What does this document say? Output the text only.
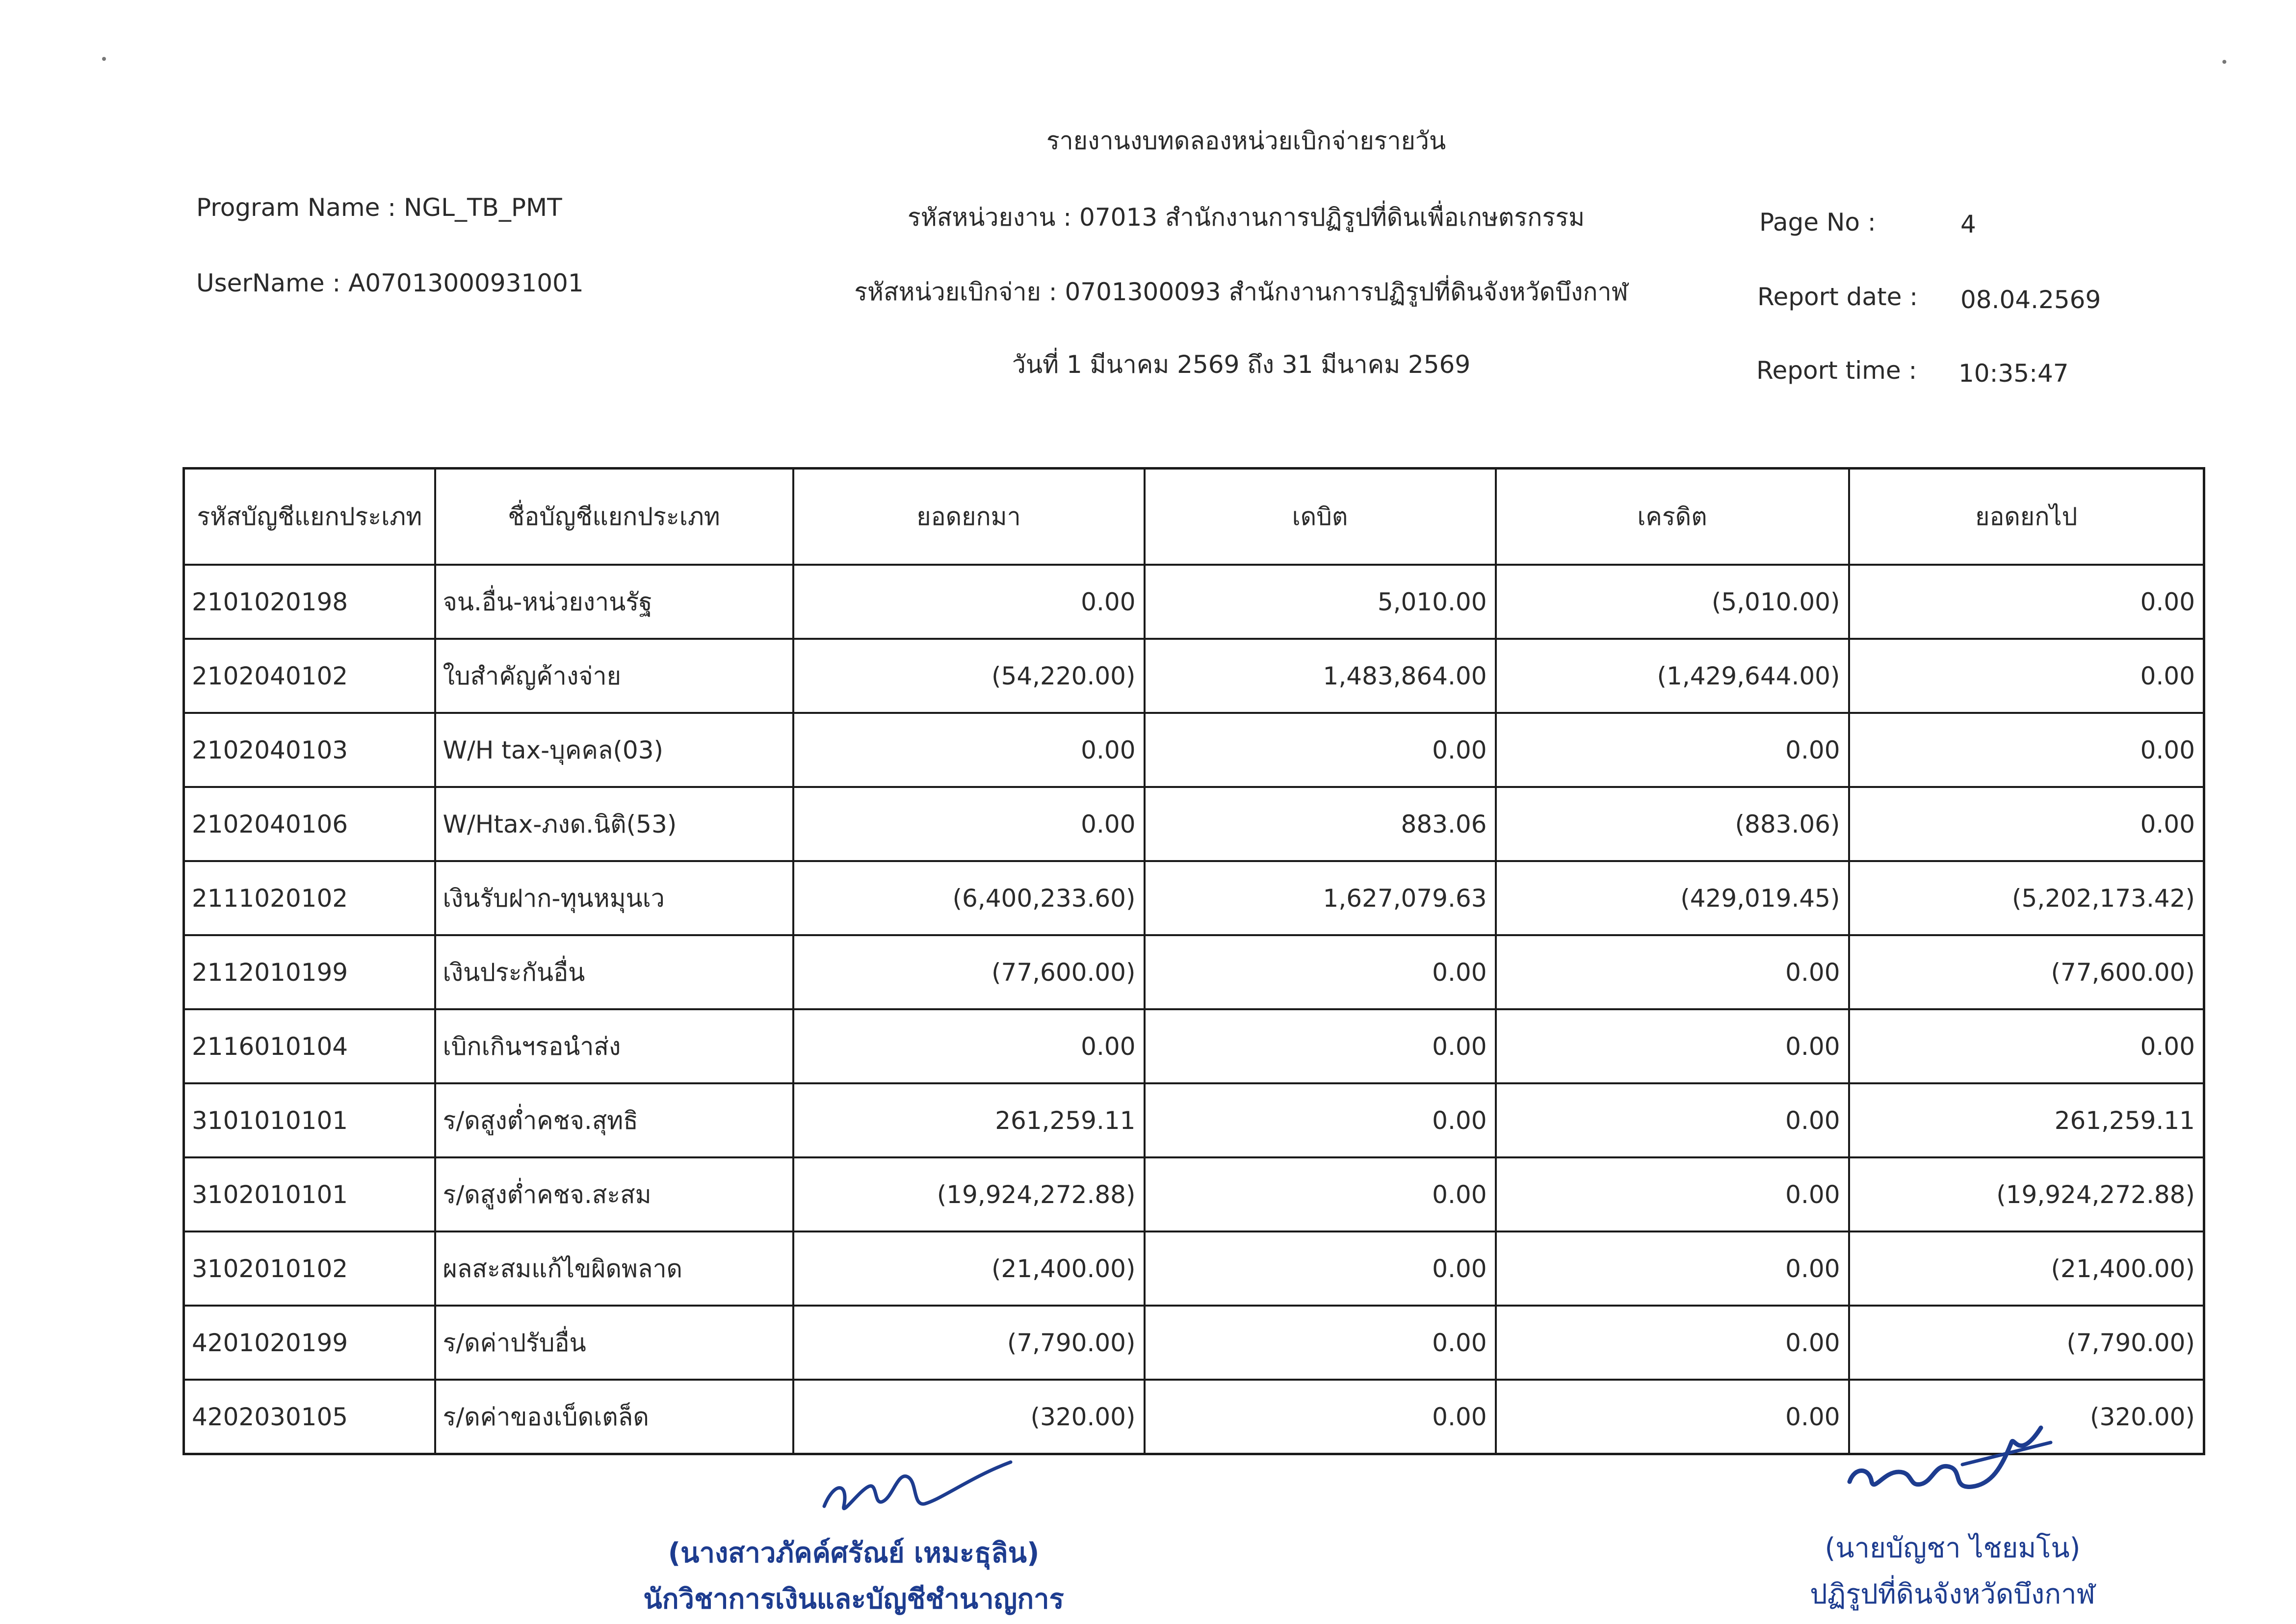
รายงานงบทดลองหน่วยเบิกจ่ายรายวัน
Program Name : NGL_TB_PMT	รหัสหน่วยงาน : 07013 สำนักงานการปฏิรูปที่ดินเพื่อเกษตรกรรม	Page No :	4
UserName : A07013000931001	รหัสหน่วยเบิกจ่าย : 0701300093 สำนักงานการปฏิรูปที่ดินจังหวัดบึงกาฬ	Report date : 08.04.2569
วันที่ 1 มีนาคม 2569 ถึง 31 มีนาคม 2569	Report time : 10:35:47
รหัสบัญชีแยกประเภท	ชื่อบัญชีแยกประเภท	ยอดยกมา	เดบิต	เครดิต	ยอดยกไป
2101020198	จน.อื่น-หน่วยงานรัฐ	0.00	5,010.00	(5,010.00)	0.00
2102040102	ใบสำคัญค้างจ่าย	(54,220.00)	1,483,864.00	(1,429,644.00)	0.00
2102040103	W/H tax-บุคคล(03)	0.00	0.00	0.00	0.00
2102040106	W/Htax-ภงด.นิติ(53)	0.00	883.06	(883.06)	0.00
2111020102	เงินรับฝาก-ทุนหมุนเว	(6,400,233.60)	1,627,079.63	(429,019.45)	(5,202,173.42)
2112010199	เงินประกันอื่น	(77,600.00)	0.00	0.00	(77,600.00)
2116010104	เบิกเกินฯรอนำส่ง	0.00	0.00	0.00	0.00
3101010101	ร/ดสูงต่ำคชจ.สุทธิ	261,259.11	0.00	0.00	261,259.11
3102010101	ร/ดสูงต่ำคชจ.สะสม	(19,924,272.88)	0.00	0.00	(19,924,272.88)
3102010102	ผลสะสมแก้ไขผิดพลาด	(21,400.00)	0.00	0.00	(21,400.00)
4201020199	ร/ดค่าปรับอื่น	(7,790.00)	0.00	0.00	(7,790.00)
4202030105	ร/ดค่าของเบ็ดเตล็ด	(320.00)	0.00	0.00	(320.00)
(นางสาวภัคค์ศรัณย์ เหมะธุลิน)
นักวิชาการเงินและบัญชีชำนาญการ
(นายบัญชา ไชยมโน)
ปฏิรูปที่ดินจังหวัดบึงกาฬ
